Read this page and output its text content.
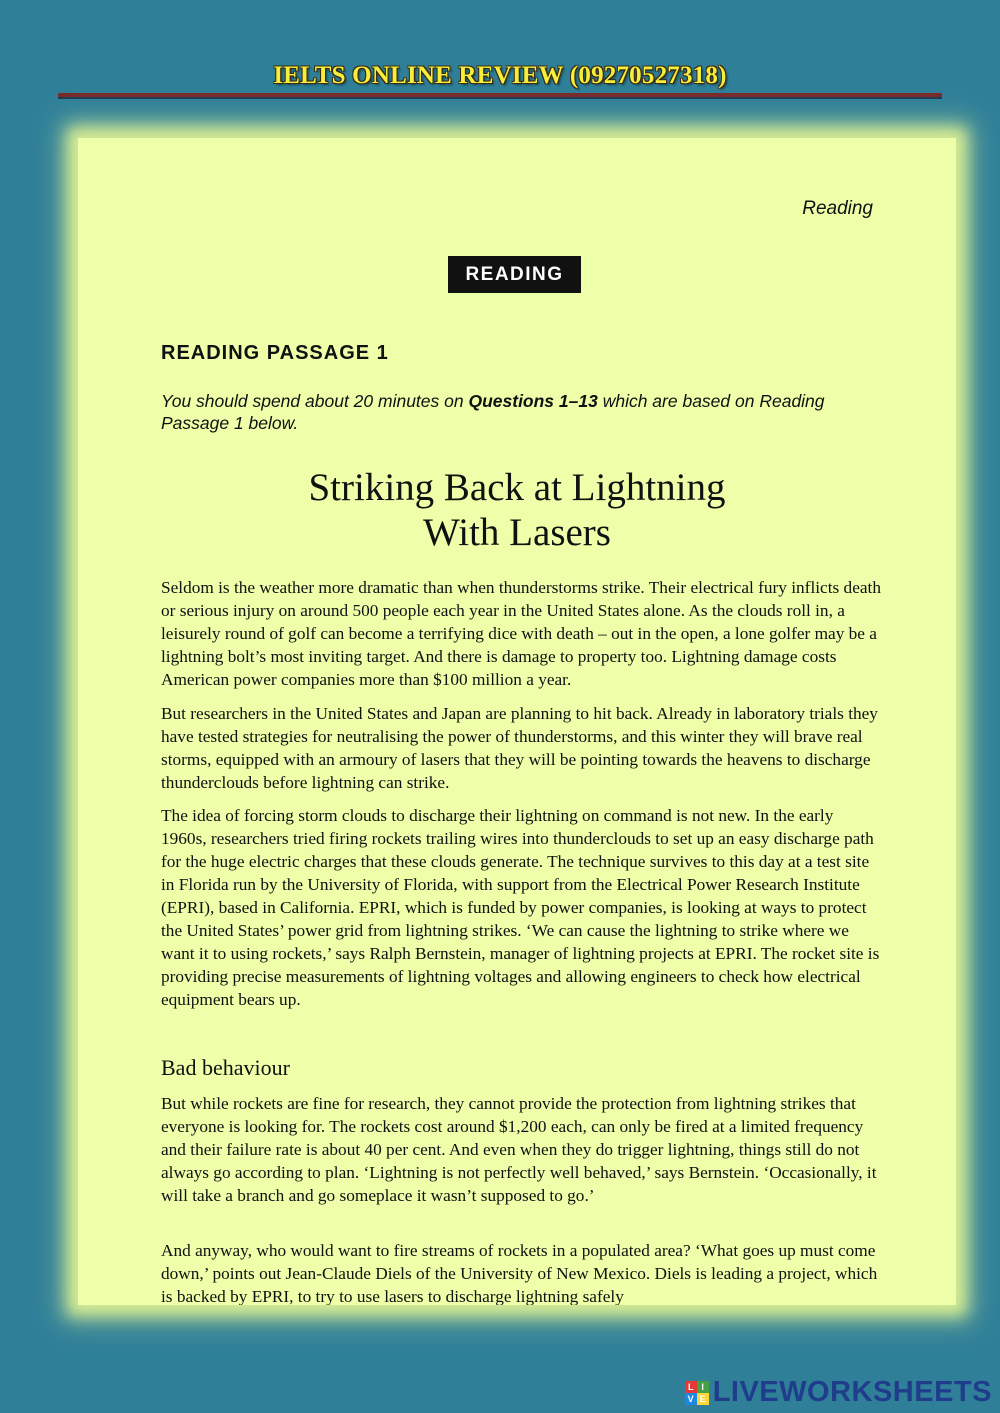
IELTS ONLINE REVIEW (09270527318)
Reading
READING
READING PASSAGE 1
You should spend about 20 minutes on Questions 1–13 which are based on Reading Passage 1 below.
Striking Back at Lightning
With Lasers

Seldom is the weather more dramatic than when thunderstorms strike. Their electrical fury inflicts death or serious injury on around 500 people each year in the United States alone. As the clouds roll in, a leisurely round of golf can become a terrifying dice with death – out in the open, a lone golfer may be a lightning bolt’s most inviting target. And there is damage to property too. Lightning damage costs American power companies more than $100 million a year.

But researchers in the United States and Japan are planning to hit back. Already in laboratory trials they have tested strategies for neutralising the power of thunderstorms, and this winter they will brave real storms, equipped with an armoury of lasers that they will be pointing towards the heavens to discharge thunderclouds before lightning can strike.

The idea of forcing storm clouds to discharge their lightning on command is not new. In the early 1960s, researchers tried firing rockets trailing wires into thunderclouds to set up an easy discharge path for the huge electric charges that these clouds generate. The technique survives to this day at a test site in Florida run by the University of Florida, with support from the Electrical Power Research Institute (EPRI), based in California. EPRI, which is funded by power companies, is looking at ways to protect the United States’ power grid from lightning strikes. ‘We can cause the lightning to strike where we want it to using rockets,’ says Ralph Bernstein, manager of lightning projects at EPRI. The rocket site is providing precise measurements of lightning voltages and allowing engineers to check how electrical equipment bears up.

Bad behaviour

But while rockets are fine for research, they cannot provide the protection from lightning strikes that everyone is looking for. The rockets cost around $1,200 each, can only be fired at a limited frequency and their failure rate is about 40 per cent. And even when they do trigger lightning, things still do not always go according to plan. ‘Lightning is not perfectly well behaved,’ says Bernstein. ‘Occasionally, it will take a branch and go someplace it wasn’t supposed to go.’

And anyway, who would want to fire streams of rockets in a populated area? ‘What goes up must come down,’ points out Jean-Claude Diels of the University of New Mexico. Diels is leading a project, which is backed by EPRI, to try to use lasers to discharge lightning safely

L I
V E LIVEWORKSHEETS
